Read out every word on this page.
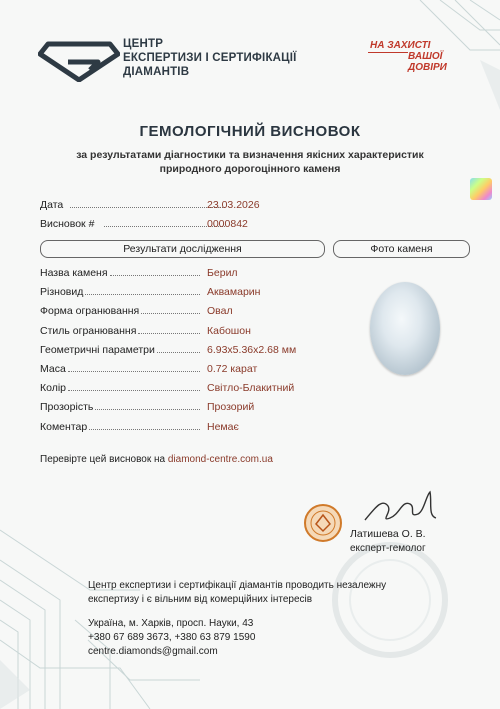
ЦЕНТР
ЕКСПЕРТИЗИ І СЕРТИФІКАЦІЇ
ДІАМАНТІВ
НА ЗАХИСТІ
ВАШОЇ
ДОВІРИ
ГЕМОЛОГІЧНИЙ ВИСНОВОК
за результатами діагностики та визначення якісних характеристик
природного дорогоцінного каменя
Дата	23.03.2026
Висновок #	0000842
Результати дослідження	Фото каменя
Назва каменя	Берил
Різновид	Аквамарин
Форма огранювання	Овал
Стиль огранювання	Кабошон
Геометричні параметри	6.93x5.36x2.68 мм
Маса	0.72 карат
Колір	Світло-Блакитний
Прозорість	Прозорий
Коментар	Немає
Перевірте цей висновок на diamond-centre.com.ua
Латишева О. В.
експерт-гемолог
Центр експертизи і сертифікації діамантів проводить незалежну
експертизу і є вільним від комерційних інтересів
Україна, м. Харків, просп. Науки, 43
+380 67 689 3673, +380 63 879 1590
centre.diamonds@gmail.com
